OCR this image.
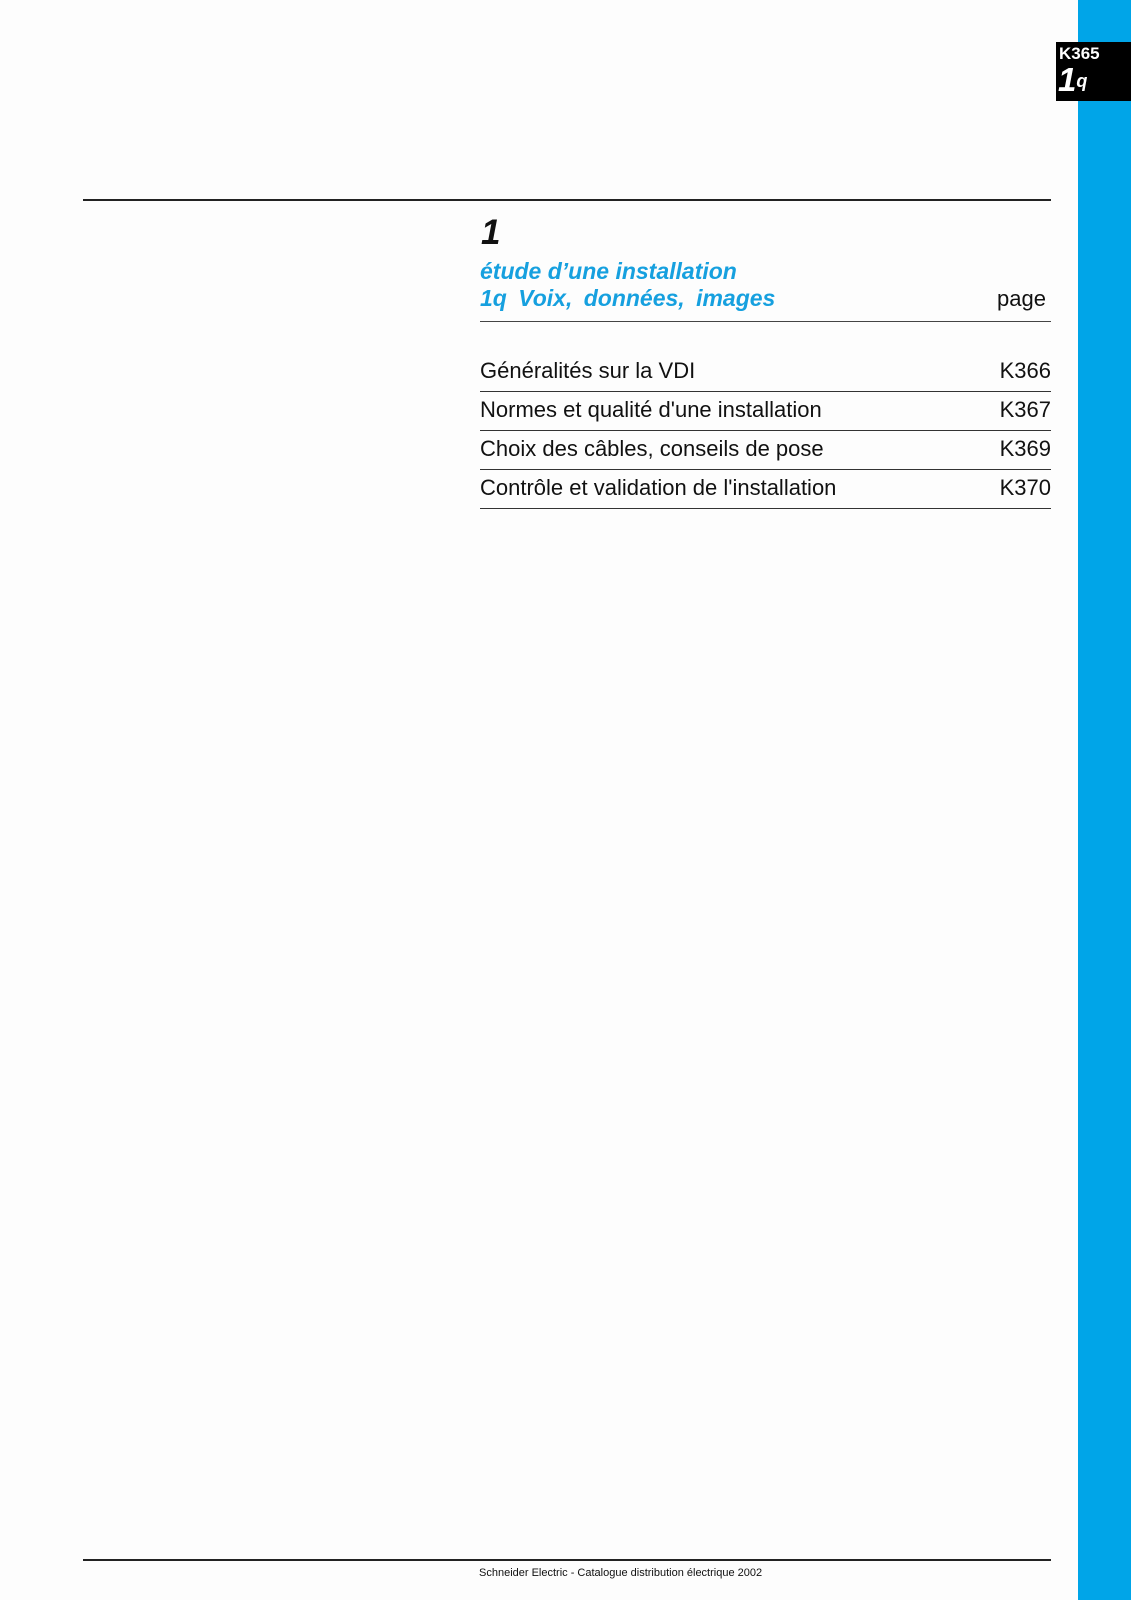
K365
1$^q$
1
étude d’une installation
1q Voix, données, images	page
Généralités sur la VDI	K366
Normes et qualité d'une installation	K367
Choix des câbles, conseils de pose	K369
Contrôle et validation de l'installation	K370
Schneider Electric - Catalogue distribution électrique 2002
